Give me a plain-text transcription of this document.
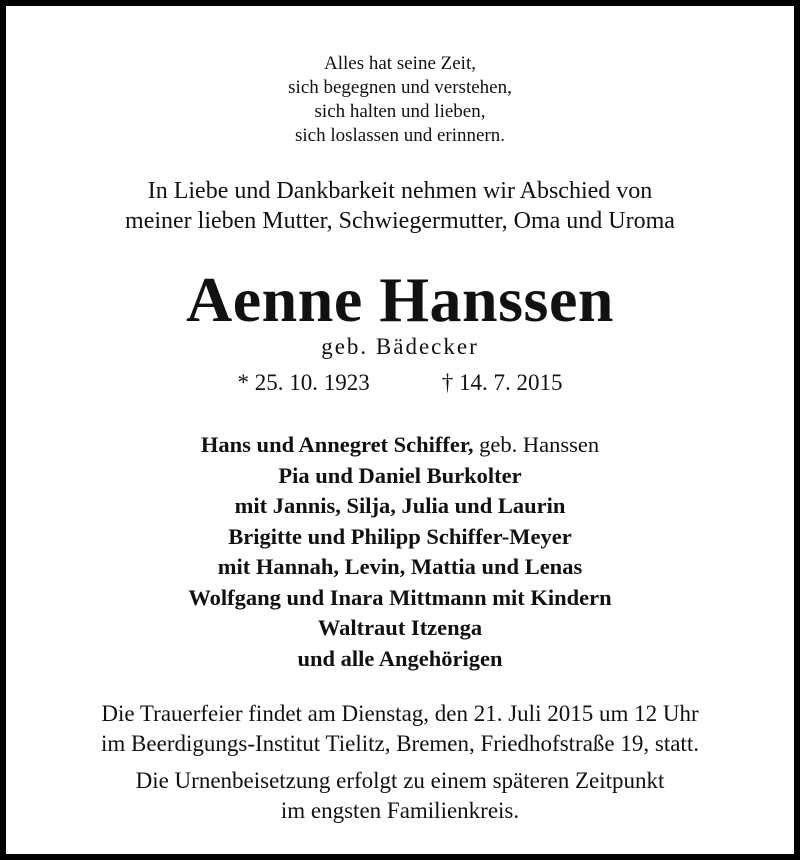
Alles hat seine Zeit,
sich begegnen und verstehen,
sich halten und lieben,
sich loslassen und erinnern.
In Liebe und Dankbarkeit nehmen wir Abschied von
meiner lieben Mutter, Schwiegermutter, Oma und Uroma
Aenne Hanssen
geb. Bädecker
* 25. 10. 1923	† 14. 7. 2015
Hans und Annegret Schiffer, geb. Hanssen
Pia und Daniel Burkolter
mit Jannis, Silja, Julia und Laurin
Brigitte und Philipp Schiffer-Meyer
mit Hannah, Levin, Mattia und Lenas
Wolfgang und Inara Mittmann mit Kindern
Waltraut Itzenga
und alle Angehörigen
Die Trauerfeier findet am Dienstag, den 21. Juli 2015 um 12 Uhr
im Beerdigungs-Institut Tielitz, Bremen, Friedhofstraße 19, statt.
Die Urnenbeisetzung erfolgt zu einem späteren Zeitpunkt
im engsten Familienkreis.
